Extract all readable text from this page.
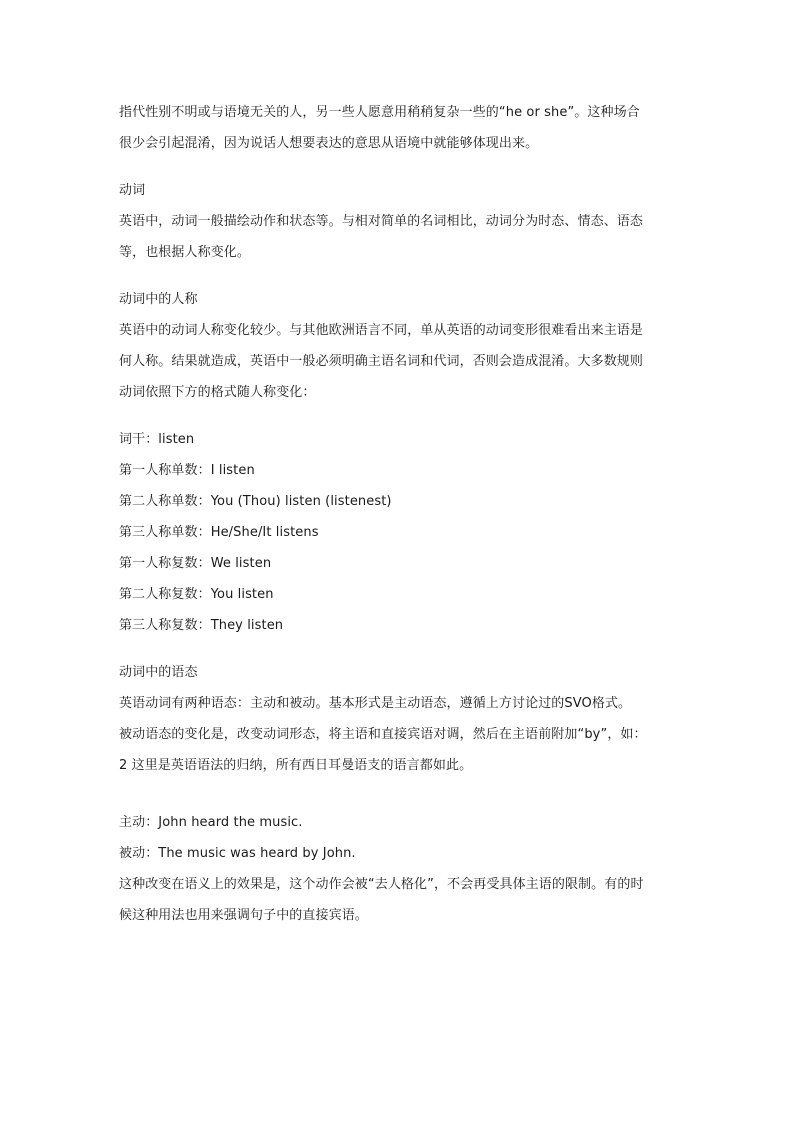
指代性别不明或与语境无关的人，另一些人愿意用稍稍复杂一些的“he or she”。这种场合
很少会引起混淆，因为说话人想要表达的意思从语境中就能够体现出来。
动词
英语中，动词一般描绘动作和状态等。与相对简单的名词相比，动词分为时态、情态、语态
等，也根据人称变化。
动词中的人称
英语中的动词人称变化较少。与其他欧洲语言不同，单从英语的动词变形很难看出来主语是
何人称。结果就造成，英语中一般必须明确主语名词和代词，否则会造成混淆。大多数规则
动词依照下方的格式随人称变化：
词干：listen
第一人称单数：I listen
第二人称单数：You (Thou) listen (listenest)
第三人称单数：He/She/It listens
第一人称复数：We listen
第二人称复数：You listen
第三人称复数：They listen
动词中的语态
英语动词有两种语态：主动和被动。基本形式是主动语态，遵循上方讨论过的SVO格式。
被动语态的变化是，改变动词形态，将主语和直接宾语对调，然后在主语前附加“by”，如：
2 这里是英语语法的归纳，所有西日耳曼语支的语言都如此。
主动：John heard the music.
被动：The music was heard by John.
这种改变在语义上的效果是，这个动作会被“去人格化”，不会再受具体主语的限制。有的时
候这种用法也用来强调句子中的直接宾语。
